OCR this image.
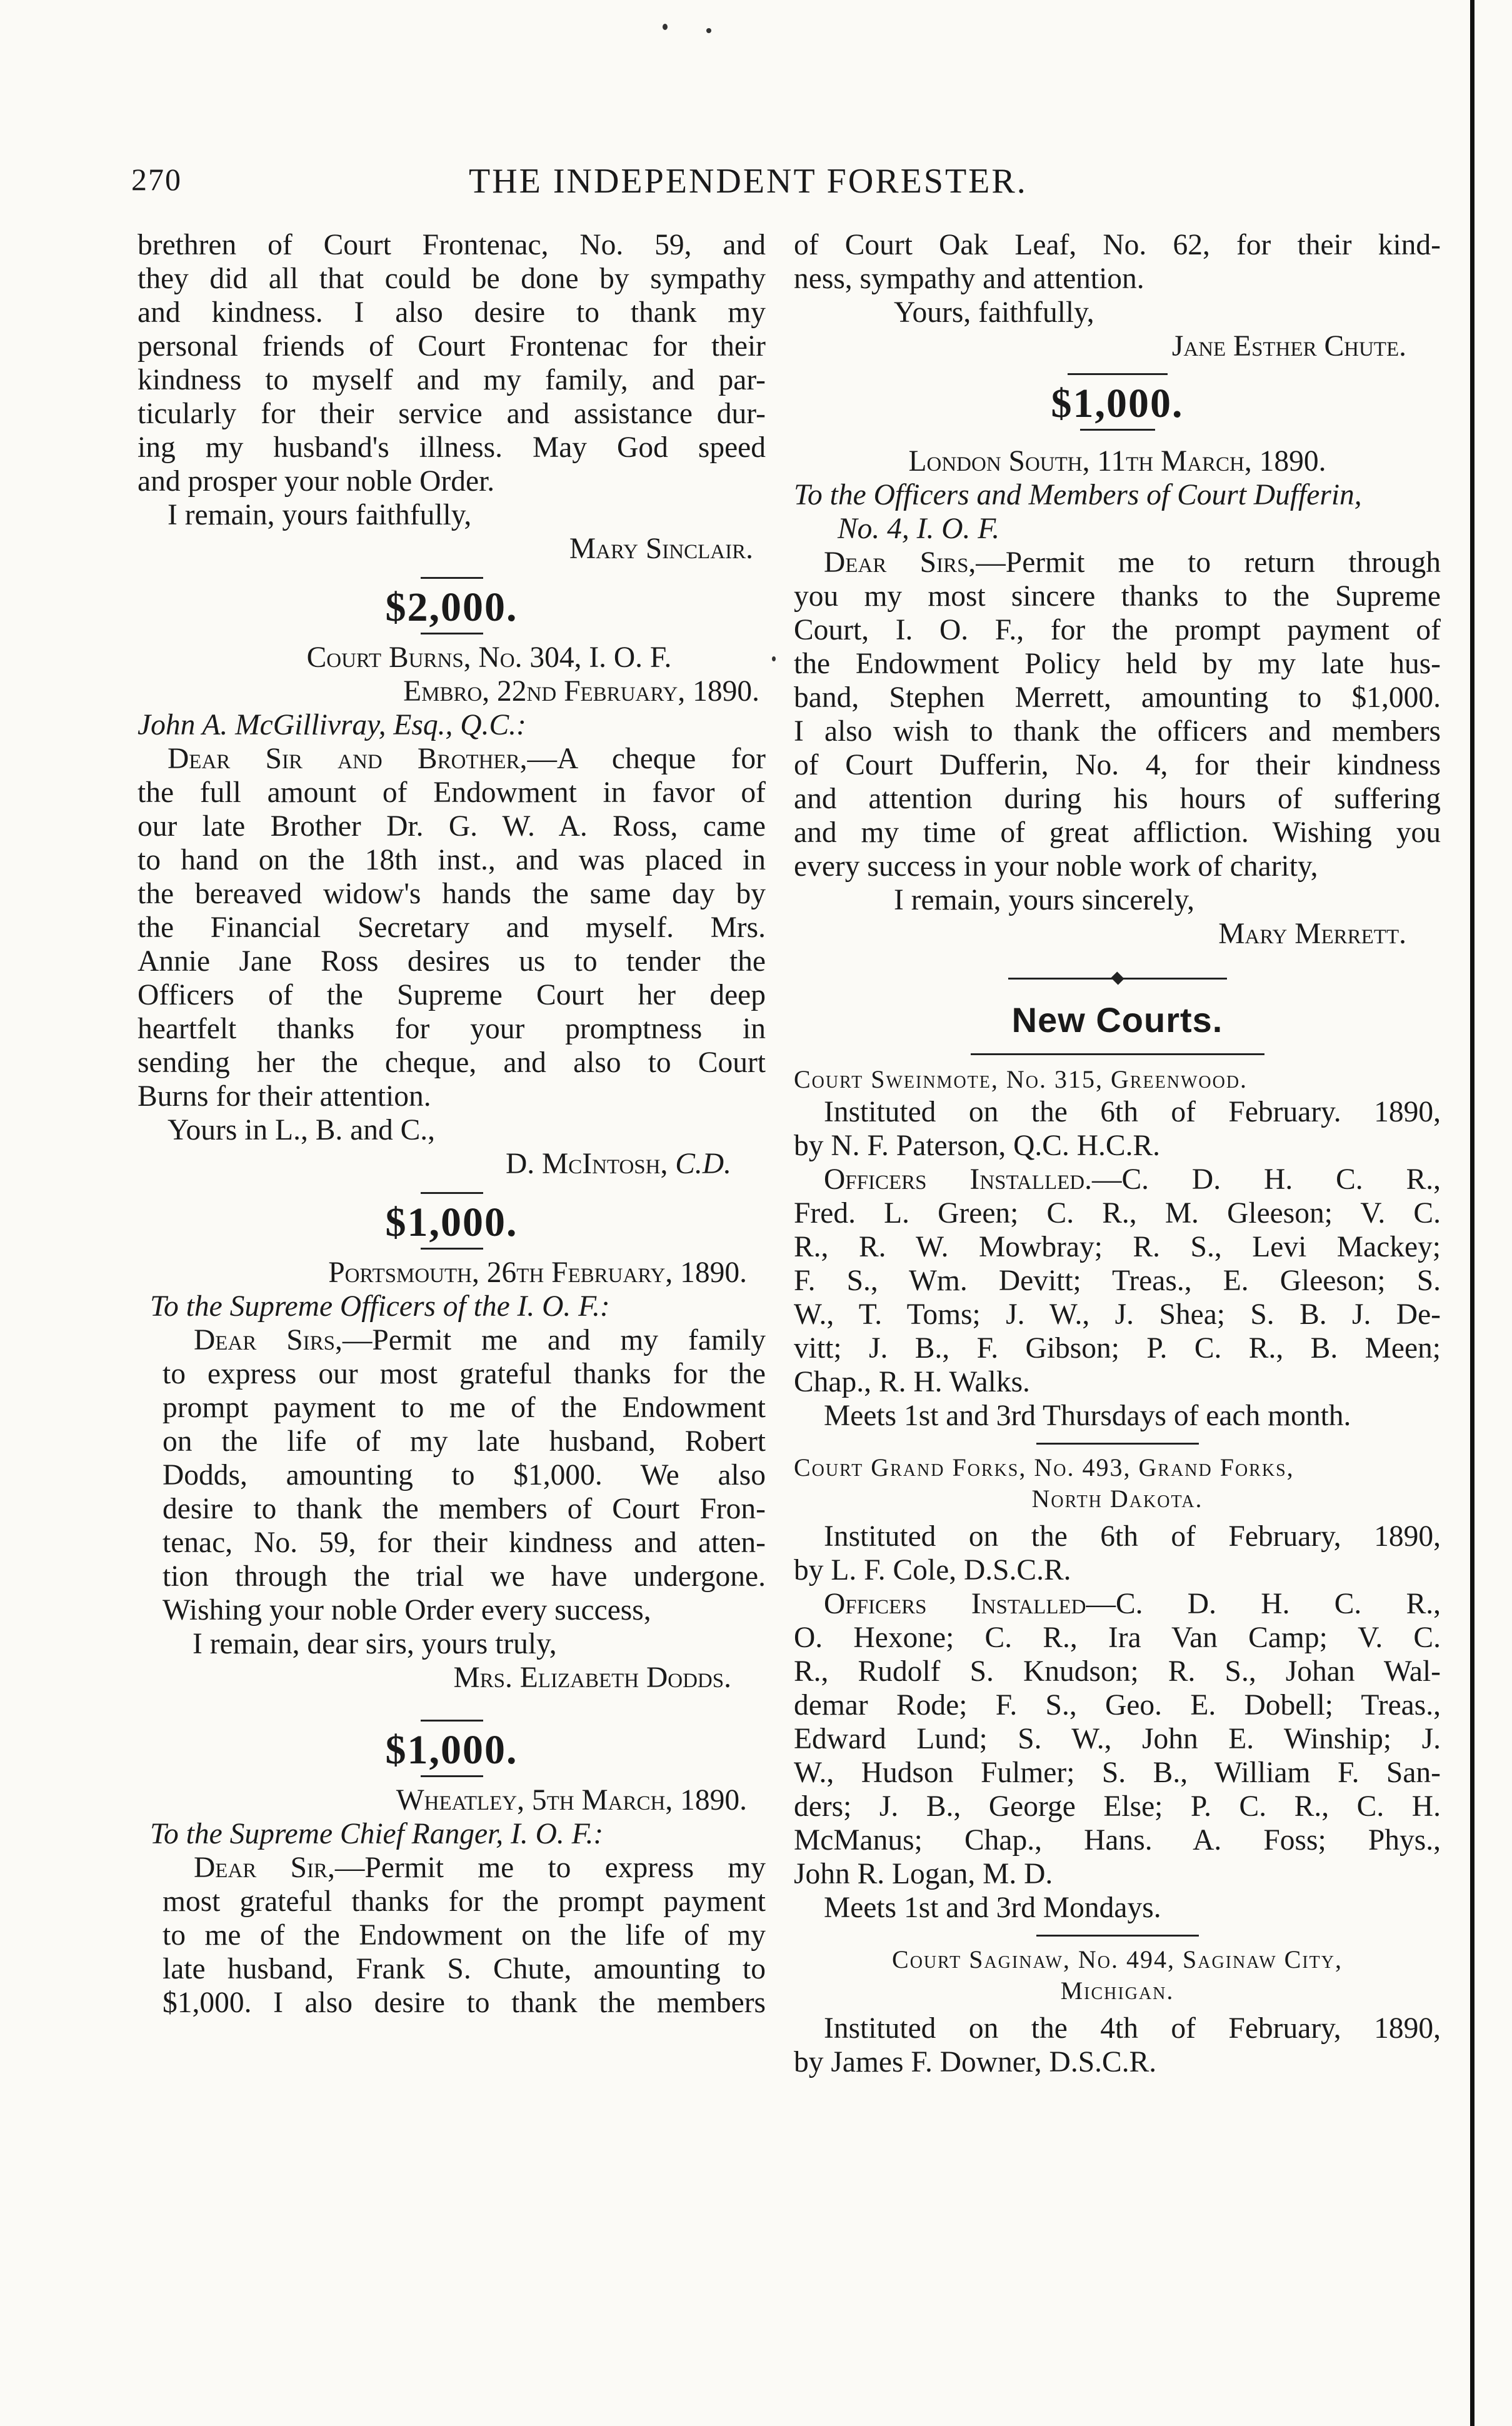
270	THE INDEPENDENT FORESTER.
brethren of Court Frontenac, No. 59, and
they did all that could be done by sympathy
and kindness. I also desire to thank my
personal friends of Court Frontenac for their
kindness to myself and my family, and par-
ticularly for their service and assistance dur-
ing my husband's illness. May God speed
and prosper your noble Order.
I remain, yours faithfully,
Mary Sinclair.
$2,000.
Court Burns, No. 304, I. O. F.
Embro, 22nd February, 1890.
John A. McGillivray, Esq., Q.C.:
Dear Sir and Brother,—A cheque for
the full amount of Endowment in favor of
our late Brother Dr. G. W. A. Ross, came
to hand on the 18th inst., and was placed in
the bereaved widow's hands the same day by
the Financial Secretary and myself. Mrs.
Annie Jane Ross desires us to tender the
Officers of the Supreme Court her deep
heartfelt thanks for your promptness in
sending her the cheque, and also to Court
Burns for their attention.
Yours in L., B. and C.,
D. McIntosh, C.D.
$1,000.
Portsmouth, 26th February, 1890.
To the Supreme Officers of the I. O. F.:
Dear Sirs,—Permit me and my family
to express our most grateful thanks for the
prompt payment to me of the Endowment
on the life of my late husband, Robert
Dodds, amounting to $1,000. We also
desire to thank the members of Court Fron-
tenac, No. 59, for their kindness and atten-
tion through the trial we have undergone.
Wishing your noble Order every success,
I remain, dear sirs, yours truly,
Mrs. Elizabeth Dodds.
$1,000.
Wheatley, 5th March, 1890.
To the Supreme Chief Ranger, I. O. F.:
Dear Sir,—Permit me to express my
most grateful thanks for the prompt payment
to me of the Endowment on the life of my
late husband, Frank S. Chute, amounting to
$1,000. I also desire to thank the members
of Court Oak Leaf, No. 62, for their kind-
ness, sympathy and attention.
Yours, faithfully,
Jane Esther Chute.
$1,000.
London South, 11th March, 1890.
To the Officers and Members of Court Dufferin,
No. 4, I. O. F.
Dear Sirs,—Permit me to return through
you my most sincere thanks to the Supreme
Court, I. O. F., for the prompt payment of
the Endowment Policy held by my late hus-
band, Stephen Merrett, amounting to $1,000.
I also wish to thank the officers and members
of Court Dufferin, No. 4, for their kindness
and attention during his hours of suffering
and my time of great affliction. Wishing you
every success in your noble work of charity,
I remain, yours sincerely,
Mary Merrett.
New Courts.
Court Sweinmote, No. 315, Greenwood.
Instituted on the 6th of February. 1890,
by N. F. Paterson, Q.C. H.C.R.
Officers Installed.—C. D. H. C. R.,
Fred. L. Green; C. R., M. Gleeson; V. C.
R., R. W. Mowbray; R. S., Levi Mackey;
F. S., Wm. Devitt; Treas., E. Gleeson; S.
W., T. Toms; J. W., J. Shea; S. B. J. De-
vitt; J. B., F. Gibson; P. C. R., B. Meen;
Chap., R. H. Walks.
Meets 1st and 3rd Thursdays of each month.
Court Grand Forks, No. 493, Grand Forks,
North Dakota.
Instituted on the 6th of February, 1890,
by L. F. Cole, D.S.C.R.
Officers Installed—C. D. H. C. R.,
O. Hexone; C. R., Ira Van Camp; V. C.
R., Rudolf S. Knudson; R. S., Johan Wal-
demar Rode; F. S., Geo. E. Dobell; Treas.,
Edward Lund; S. W., John E. Winship; J.
W., Hudson Fulmer; S. B., William F. San-
ders; J. B., George Else; P. C. R., C. H.
McManus; Chap., Hans. A. Foss; Phys.,
John R. Logan, M. D.
Meets 1st and 3rd Mondays.
Court Saginaw, No. 494, Saginaw City,
Michigan.
Instituted on the 4th of February, 1890,
by James F. Downer, D.S.C.R.
